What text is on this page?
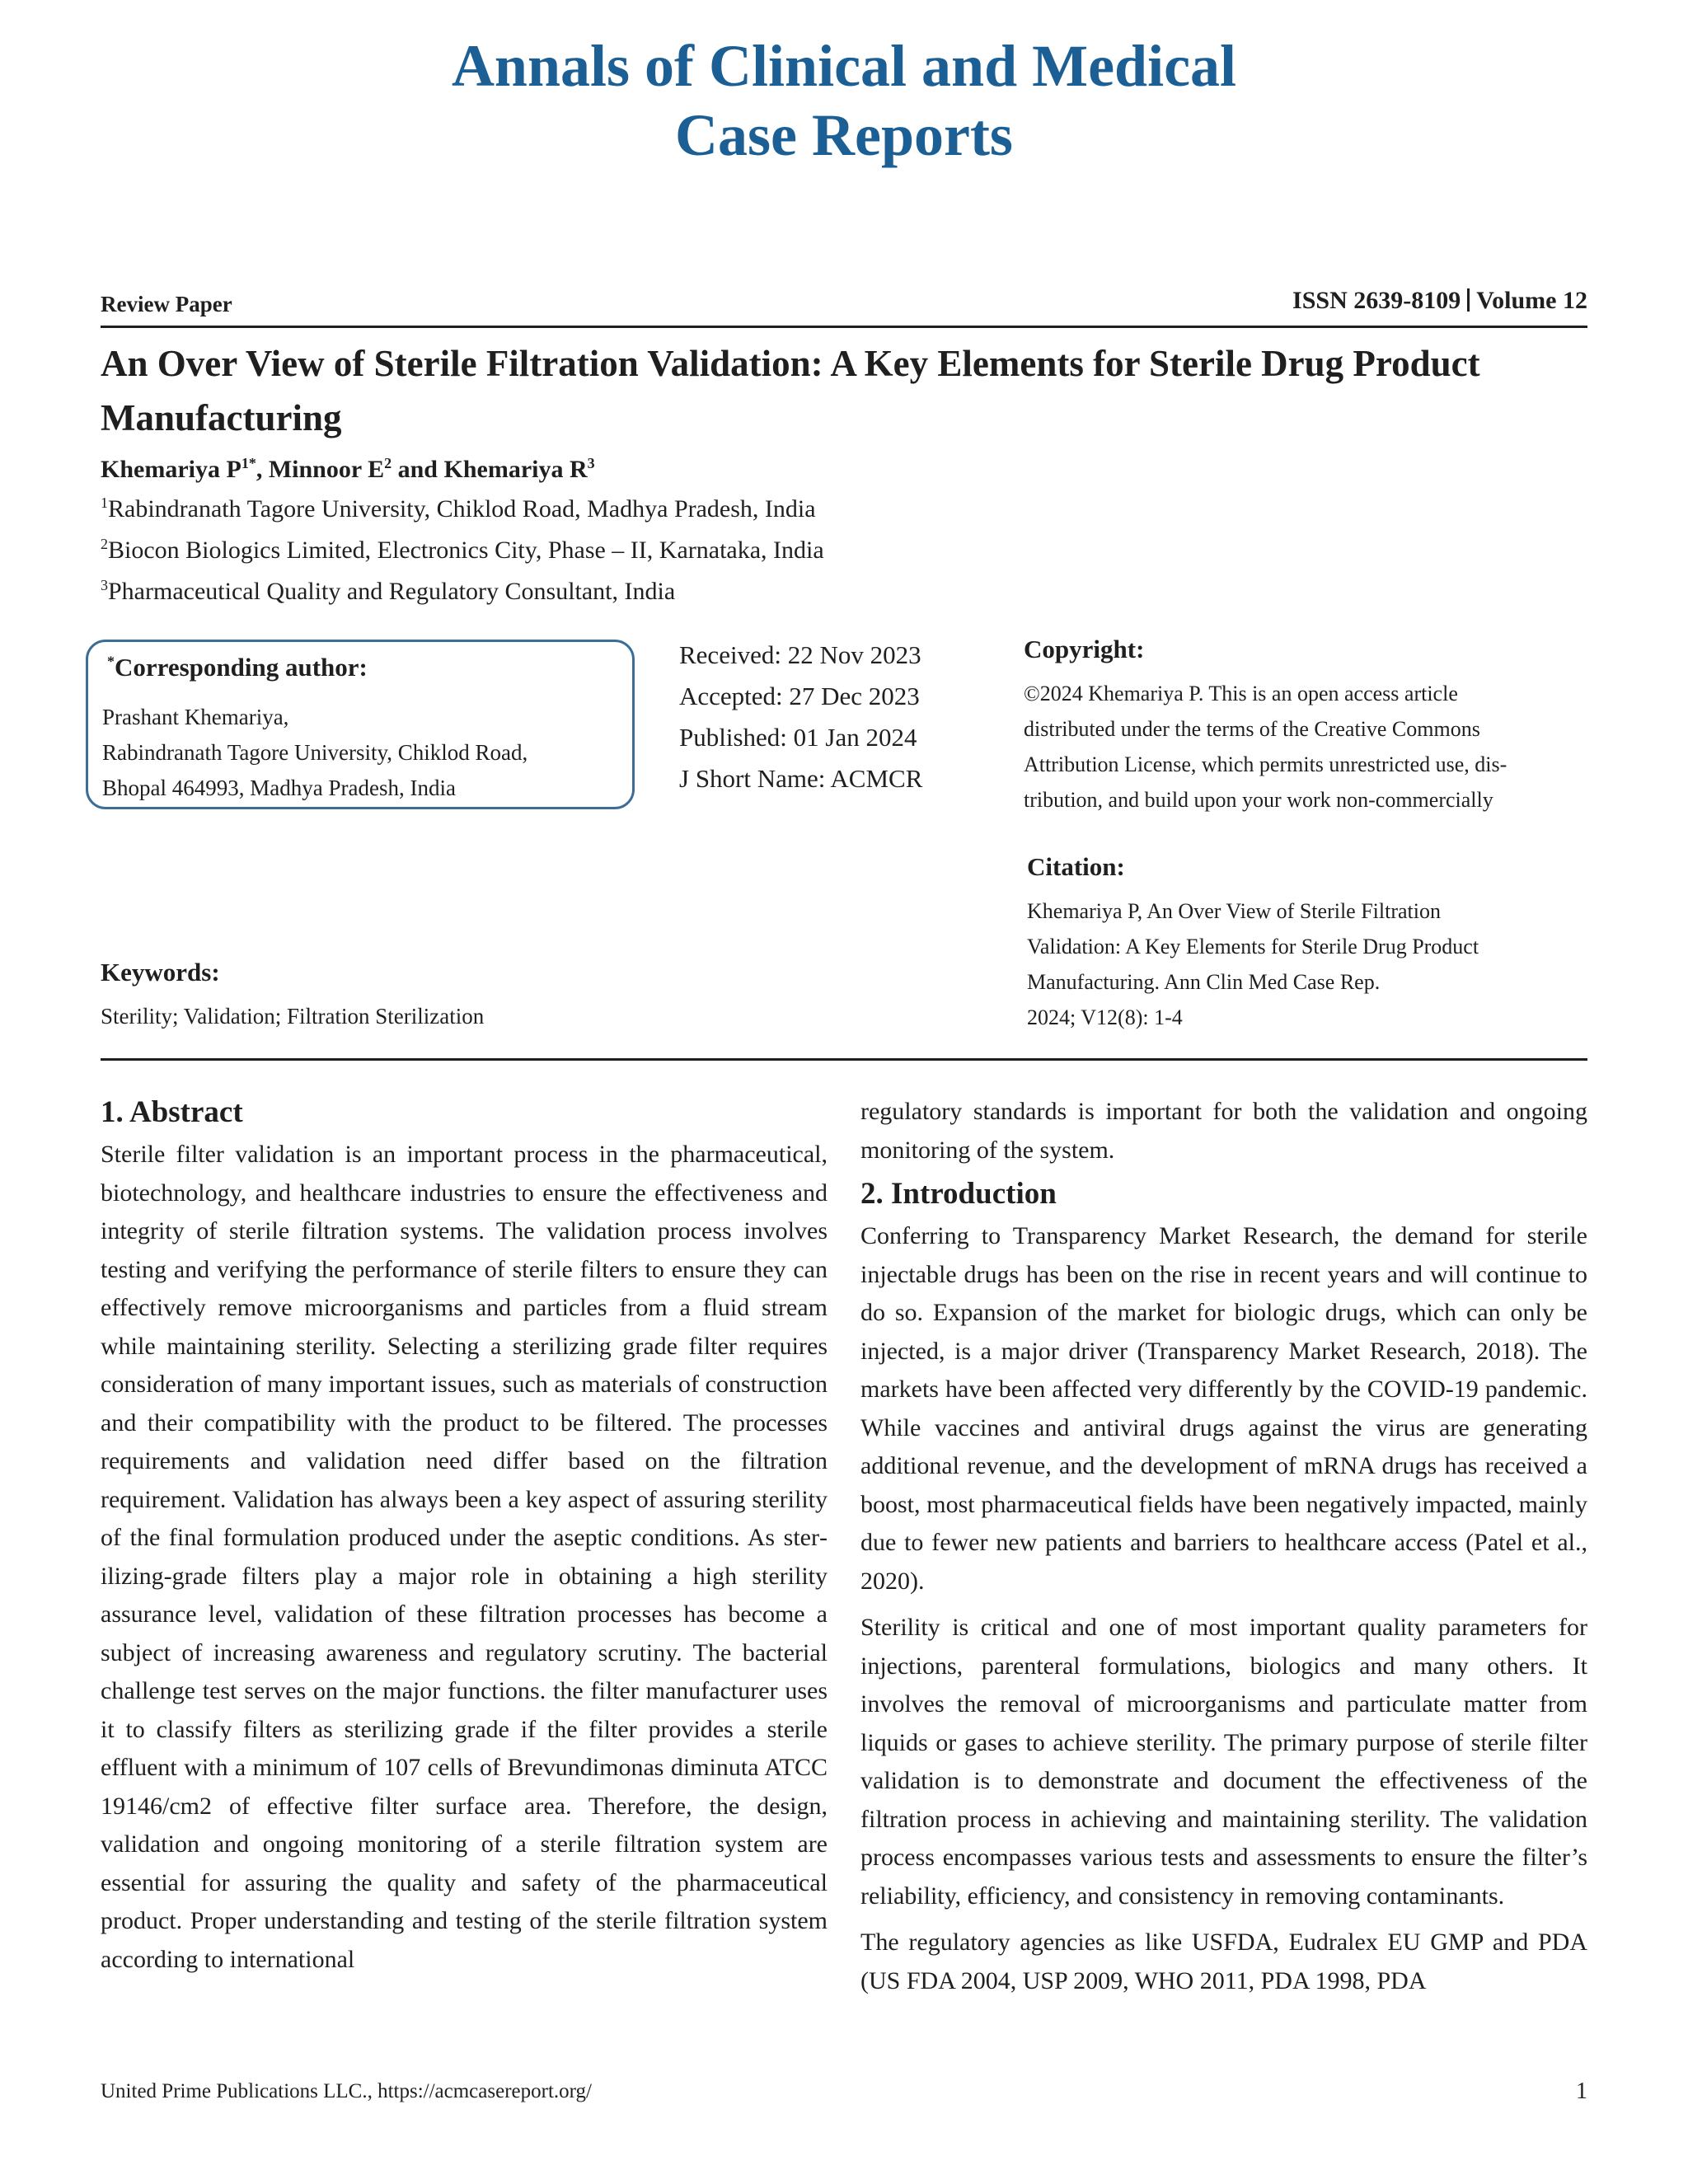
Annals of Clinical and Medical
Case Reports
Review Paper	ISSN 2639-8109 Volume 12
An Over View of Sterile Filtration Validation: A Key Elements for Sterile Drug Product Manufacturing
Khemariya $P^{1*}$, Minnoor $E^2$ and Khemariya $R^3$
$^1$Rabindranath Tagore University, Chiklod Road, Madhya Pradesh, India
$^2$Biocon Biologics Limited, Electronics City, Phase – II, Karnataka, India
$^3$Pharmaceutical Quality and Regulatory Consultant, India
*Corresponding author:
Prashant Khemariya,
Rabindranath Tagore University, Chiklod Road,
Bhopal 464993, Madhya Pradesh, India
Received: 22 Nov 2023
Accepted: 27 Dec 2023
Published: 01 Jan 2024
J Short Name: ACMCR
Copyright:
©2024 Khemariya P. This is an open access article
distributed under the terms of the Creative Commons
Attribution License, which permits unrestricted use, dis-
tribution, and build upon your work non-commercially
Citation:
Khemariya P, An Over View of Sterile Filtration
Validation: A Key Elements for Sterile Drug Product
Manufacturing. Ann Clin Med Case Rep.
2024; V12(8): 1-4
Keywords:
Sterility; Validation; Filtration Sterilization
1. Abstract

Sterile filter validation is an important process in the pharmaceutical, biotechnology, and healthcare industries to ensure the effectiveness and integrity of sterile filtration systems. The validation process involves testing and verifying the performance of sterile filters to ensure they can effectively remove microorganisms and particles from a fluid stream while maintaining sterility. Selecting a sterilizing grade filter requires consideration of many important issues, such as materials of construction and their compatibility with the product to be filtered. The processes requirements and validation need differ based on the filtration requirement. Validation has always been a key aspect of assuring sterility of the final formulation produced under the aseptic conditions. As sterilizing-grade filters play a major role in obtaining a high sterility assurance level, validation of these filtration processes has become a subject of increasing awareness and regulatory scrutiny. The bacterial challenge test serves on the major functions. the filter manufacturer uses it to classify filters as sterilizing grade if the filter provides a sterile effluent with a minimum of 107 cells of Brevundimonas diminuta ATCC 19146/cm2 of effective filter surface area. Therefore, the design, validation and ongoing monitoring of a sterile filtration system are essential for assuring the quality and safety of the pharmaceutical product. Proper understanding and testing of the sterile filtration system according to international

regulatory standards is important for both the validation and ongoing monitoring of the system.

2. Introduction

Conferring to Transparency Market Research, the demand for sterile injectable drugs has been on the rise in recent years and will continue to do so. Expansion of the market for biologic drugs, which can only be injected, is a major driver (Transparency Market Research, 2018). The markets have been affected very differently by the COVID-19 pandemic. While vaccines and antiviral drugs against the virus are generating additional revenue, and the development of mRNA drugs has received a boost, most pharmaceutical fields have been negatively impacted, mainly due to fewer new patients and barriers to healthcare access (Patel et al., 2020).

Sterility is critical and one of most important quality parameters for injections, parenteral formulations, biologics and many others. It involves the removal of microorganisms and particulate matter from liquids or gases to achieve sterility. The primary purpose of sterile filter validation is to demonstrate and document the effectiveness of the filtration process in achieving and maintaining sterility. The validation process encompasses various tests and assessments to ensure the filter’s reliability, efficiency, and consistency in removing contaminants.

The regulatory agencies as like USFDA, Eudralex EU GMP and PDA (US FDA 2004, USP 2009, WHO 2011, PDA 1998, PDA

United Prime Publications LLC., https://acmcasereport.org/	1
